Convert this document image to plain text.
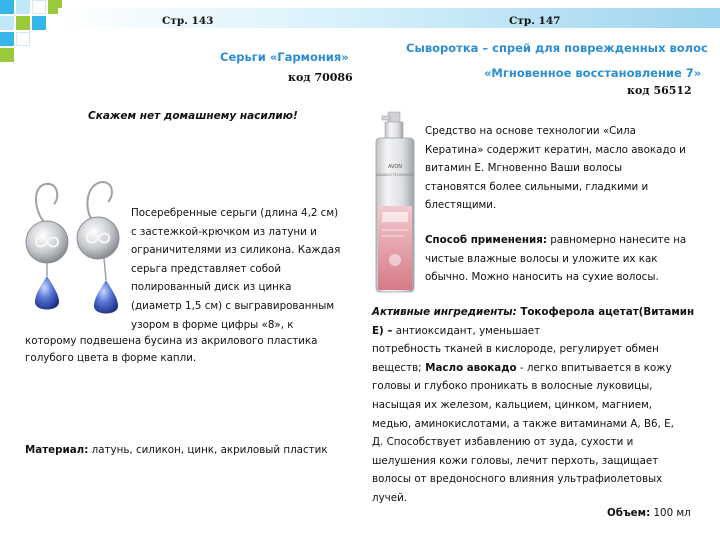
Стр. 143	Стр. 147
Серьги «Гармония»
код 70086
Скажем нет домашнему насилию!
Посеребренные серьги (длина 4,2 см)
с застежкой-крючком из латуни и
ограничителями из силикона. Каждая
серьга представляет собой
полированный диск из цинка
(диаметр 1,5 см) с выгравированным
узором в форме цифры «8», к
которому подвешена бусина из акрилового пластика
голубого цвета в форме капли.
Материал: латунь, силикон, цинк, акриловый пластик
Сыворотка – спрей для поврежденных волос
«Мгновенное восстановление 7»
код 56512
AVON
ADVANCE TECHNIQUES
Средство на основе технологии «Сила
Кератина» содержит кератин, масло авокадо и
витамин Е. Мгновенно Ваши волосы
становятся более сильными, гладкими и
блестящими.
Способ применения: равномерно нанесите на
чистые влажные волосы и уложите их как
обычно. Можно наносить на сухие волосы.
Активные ингредиенты: Токоферола ацетат(Витамин
Е) – антиоксидант, уменьшает
потребность тканей в кислороде, регулирует обмен
веществ; Масло авокадо - легко впитывается в кожу
головы и глубоко проникать в волосные луковицы,
насыщая их железом, кальцием, цинком, магнием,
медью, аминокислотами, а также витаминами А, В6, Е,
Д. Способствует избавлению от зуда, сухости и
шелушения кожи головы, лечит перхоть, защищает
волосы от вредоносного влияния ультрафиолетовых
лучей.
Объем: 100 мл
